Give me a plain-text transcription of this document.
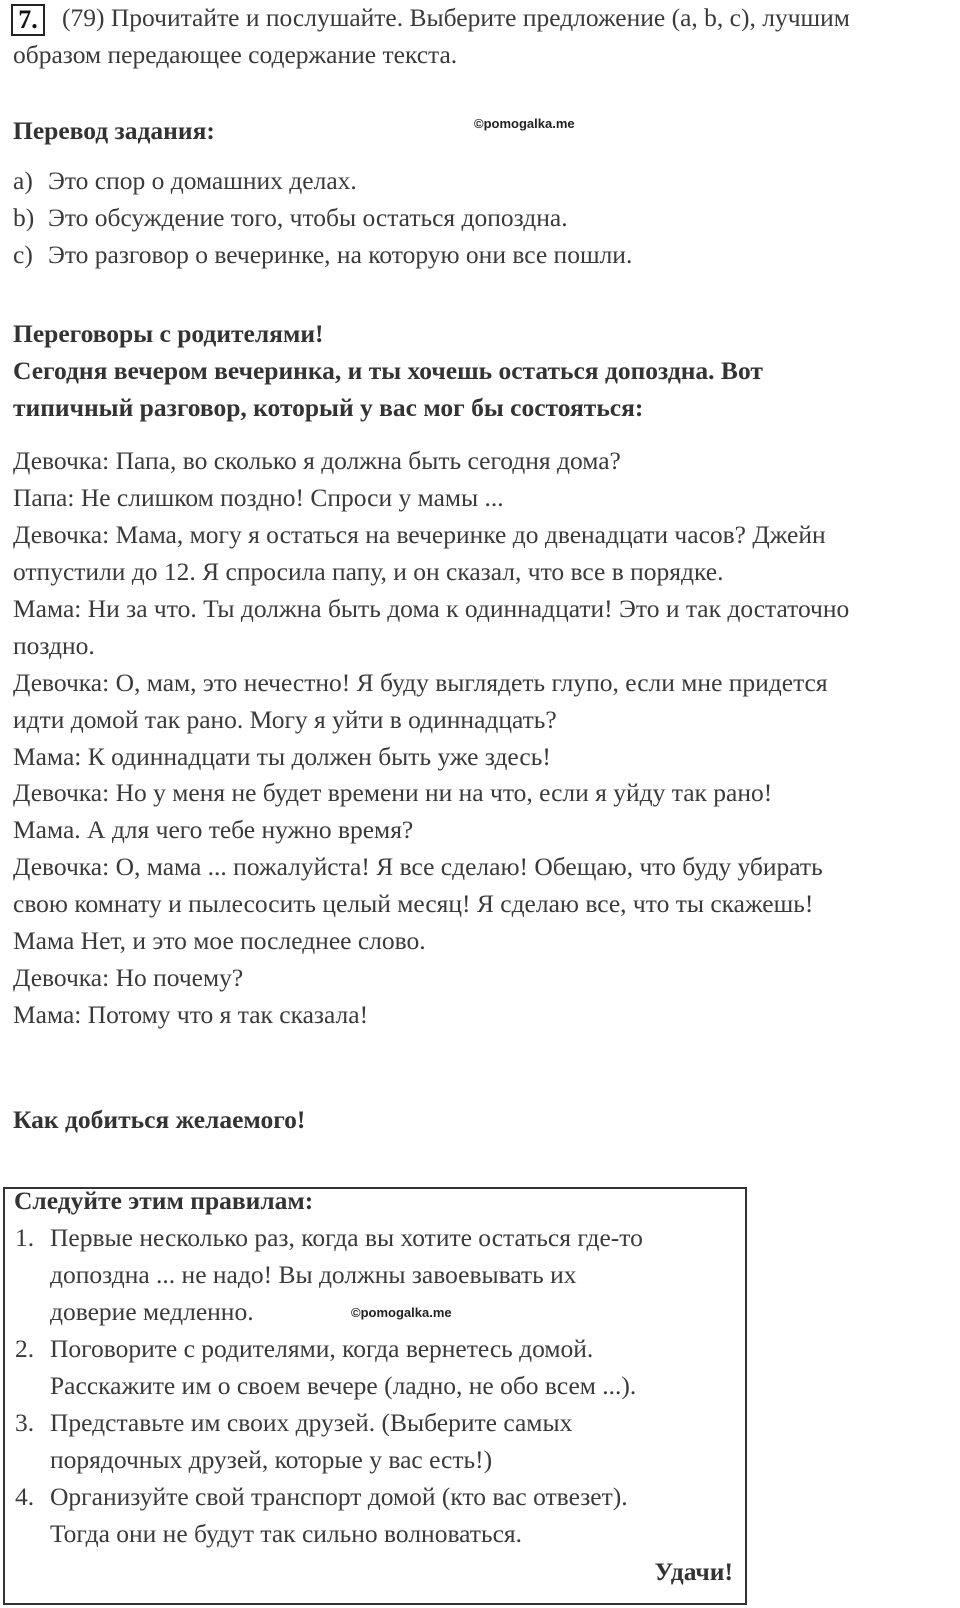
7. (79) Прочитайте и послушайте. Выберите предложение (a, b, c), лучшим
образом передающее содержание текста.
Перевод задания:	©pomogalka.me
a) Это спор о домашних делах.
b) Это обсуждение того, чтобы остаться допоздна.
c) Это разговор о вечеринке, на которую они все пошли.
Переговоры с родителями!
Сегодня вечером вечеринка, и ты хочешь остаться допоздна. Вот
типичный разговор, который у вас мог бы состояться:
Девочка: Папа, во сколько я должна быть сегодня дома?
Папа: Не слишком поздно! Спроси у мамы ...
Девочка: Мама, могу я остаться на вечеринке до двенадцати часов? Джейн
отпустили до 12. Я спросила папу, и он сказал, что все в порядке.
Мама: Ни за что. Ты должна быть дома к одиннадцати! Это и так достаточно
поздно.
Девочка: О, мам, это нечестно! Я буду выглядеть глупо, если мне придется
идти домой так рано. Могу я уйти в одиннадцать?
Мама: К одиннадцати ты должен быть уже здесь!
Девочка: Но у меня не будет времени ни на что, если я уйду так рано!
Мама. А для чего тебе нужно время?
Девочка: О, мама ... пожалуйста! Я все сделаю! Обещаю, что буду убирать
свою комнату и пылесосить целый месяц! Я сделаю все, что ты скажешь!
Мама Нет, и это мое последнее слово.
Девочка: Но почему?
Мама: Потому что я так сказала!
Как добиться желаемого!
Следуйте этим правилам:
1. Первые несколько раз, когда вы хотите остаться где-то
допоздна ... не надо! Вы должны завоевывать их
доверие медленно.	©pomogalka.me
2. Поговорите с родителями, когда вернетесь домой.
Расскажите им о своем вечере (ладно, не обо всем ...).
3. Представьте им своих друзей. (Выберите самых
порядочных друзей, которые у вас есть!)
4. Организуйте свой транспорт домой (кто вас отвезет).
Тогда они не будут так сильно волноваться.
Удачи!
